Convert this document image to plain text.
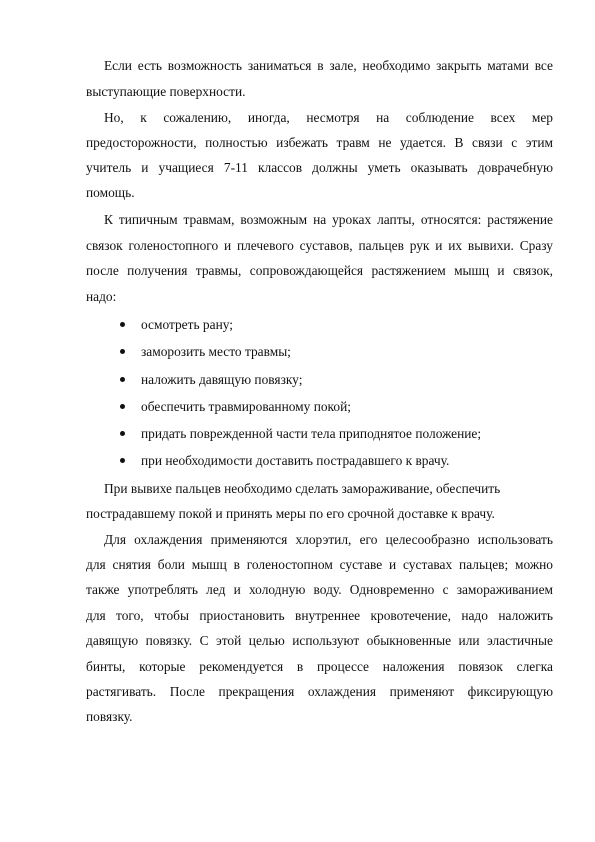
Если есть возможность заниматься в зале, необходимо закрыть матами все
выступающие поверхности.
Но, к сожалению, иногда, несмотря на соблюдение всех мер
предосторожности, полностью избежать травм не удается. В связи с этим
учитель и учащиеся 7-11 классов должны уметь оказывать доврачебную
помощь.
К типичным травмам, возможным на уроках лапты, относятся: растяжение
связок голеностопного и плечевого суставов, пальцев рук и их вывихи. Сразу
после получения травмы, сопровождающейся растяжением мышц и связок,
надо:
осмотреть рану;
заморозить место травмы;
наложить давящую повязку;
обеспечить травмированному покой;
придать поврежденной части тела приподнятое положение;
при необходимости доставить пострадавшего к врачу.
При вывихе пальцев необходимо сделать замораживание, обеспечить
пострадавшему покой и принять меры по его срочной доставке к врачу.
Для охлаждения применяются хлорэтил, его целесообразно использовать
для снятия боли мышц в голеностопном суставе и суставах пальцев; можно
также употреблять лед и холодную воду. Одновременно с замораживанием
для того, чтобы приостановить внутреннее кровотечение, надо наложить
давящую повязку. С этой целью используют обыкновенные или эластичные
бинты, которые рекомендуется в процессе наложения повязок слегка
растягивать. После прекращения охлаждения применяют фиксирующую
повязку.
